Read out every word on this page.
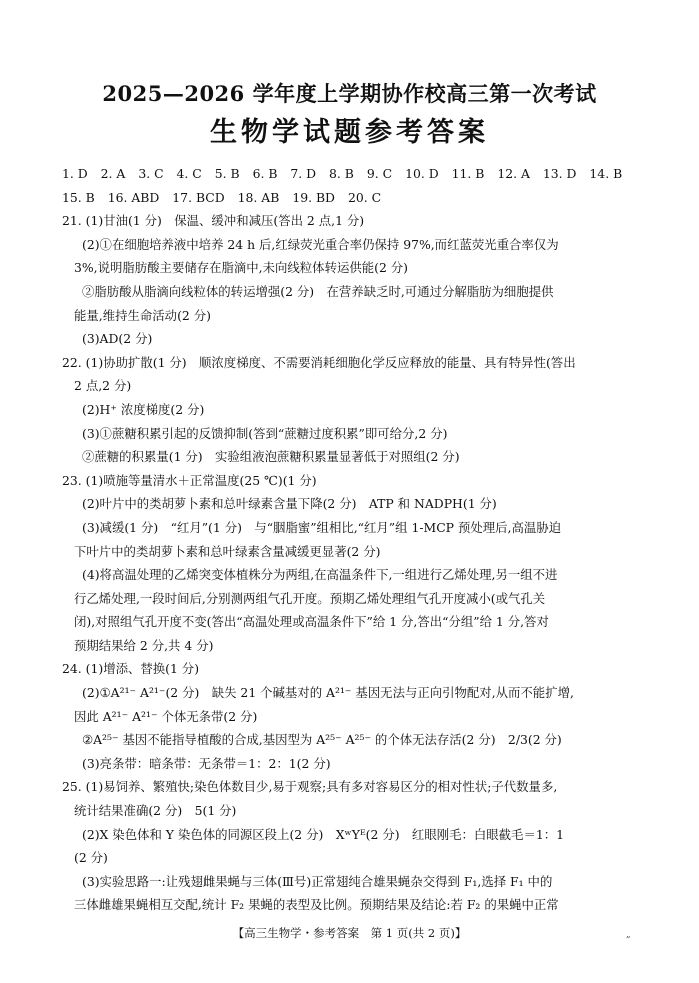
2025—2026 学年度上学期协作校高三第一次考试
生物学试题参考答案
1. D 2. A 3. C 4. C 5. B 6. B 7. D 8. B 9. C 10. D 11. B 12. A 13. D 14. B
15. B 16. ABD 17. BCD 18. AB 19. BD 20. C
21. (1)甘油(1 分)　保温、缓冲和减压(答出 2 点,1 分)
(2)①在细胞培养液中培养 24 h 后,红绿荧光重合率仍保持 97%,而红蓝荧光重合率仅为
3%,说明脂肪酸主要储存在脂滴中,未向线粒体转运供能(2 分)
②脂肪酸从脂滴向线粒体的转运增强(2 分)　在营养缺乏时,可通过分解脂肪为细胞提供
能量,维持生命活动(2 分)
(3)AD(2 分)
22. (1)协助扩散(1 分)　顺浓度梯度、不需要消耗细胞化学反应释放的能量、具有特异性(答出
2 点,2 分)
(2)H⁺ 浓度梯度(2 分)
(3)①蔗糖积累引起的反馈抑制(答到“蔗糖过度积累”即可给分,2 分)
②蔗糖的积累量(1 分)　实验组液泡蔗糖积累量显著低于对照组(2 分)
23. (1)喷施等量清水＋正常温度(25 ℃)(1 分)
(2)叶片中的类胡萝卜素和总叶绿素含量下降(2 分)　ATP 和 NADPH(1 分)
(3)减缓(1 分)　“红月”(1 分)　与“胭脂蜜”组相比,“红月”组 1-MCP 预处理后,高温胁迫
下叶片中的类胡萝卜素和总叶绿素含量减缓更显著(2 分)
(4)将高温处理的乙烯突变体植株分为两组,在高温条件下,一组进行乙烯处理,另一组不进
行乙烯处理,一段时间后,分别测两组气孔开度。预期乙烯处理组气孔开度减小(或气孔关
闭),对照组气孔开度不变(答出“高温处理或高温条件下”给 1 分,答出“分组”给 1 分,答对
预期结果给 2 分,共 4 分)
24. (1)增添、替换(1 分)
(2)①A²¹⁻ A²¹⁻(2 分)　缺失 21 个碱基对的 A²¹⁻ 基因无法与正向引物配对,从而不能扩增,
因此 A²¹⁻ A²¹⁻ 个体无条带(2 分)
②A²⁵⁻ 基因不能指导植酸的合成,基因型为 A²⁵⁻ A²⁵⁻ 的个体无法存活(2 分)　2/3(2 分)
(3)亮条带：暗条带：无条带＝1：2：1(2 分)
25. (1)易饲养、繁殖快;染色体数目少,易于观察;具有多对容易区分的相对性状;子代数量多,
统计结果准确(2 分)　5(1 分)
(2)X 染色体和 Y 染色体的同源区段上(2 分)　XʷYᴱ(2 分)　红眼刚毛：白眼截毛＝1：1
(2 分)
(3)实验思路一:让残翅雌果蝇与三体(Ⅲ号)正常翅纯合雄果蝇杂交得到 F₁,选择 F₁ 中的
三体雌雄果蝇相互交配,统计 F₂ 果蝇的表型及比例。预期结果及结论:若 F₂ 的果蝇中正常
【高三生物学・参考答案　第 1 页(共 2 页)】	„
